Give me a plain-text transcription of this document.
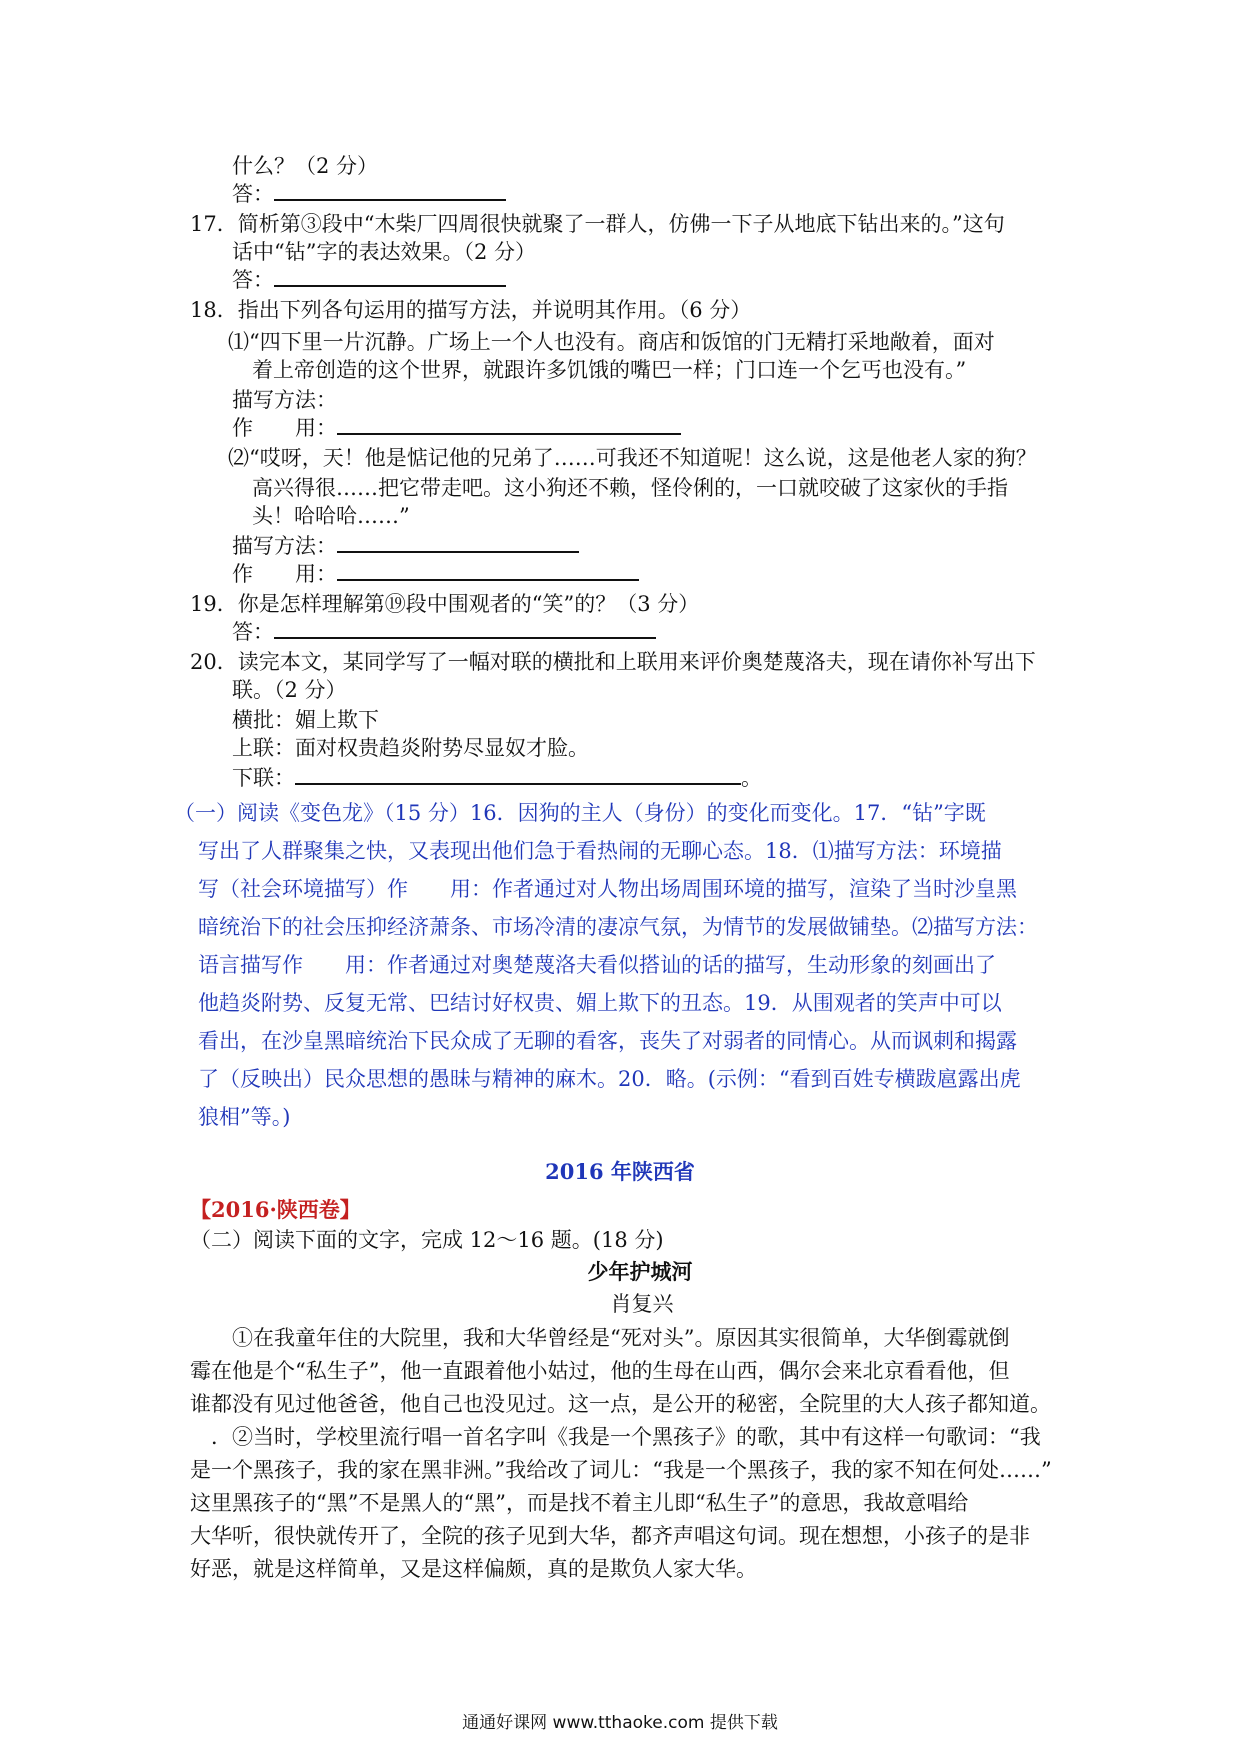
什么？（2 分）
答：
17．简析第③段中“木柴厂四周很快就聚了一群人，仿佛一下子从地底下钻出来的。”这句
话中“钻”字的表达效果。（2 分）
答：
18．指出下列各句运用的描写方法，并说明其作用。（6 分）
⑴“四下里一片沉静。广场上一个人也没有。商店和饭馆的门无精打采地敞着，面对
着上帝创造的这个世界，就跟许多饥饿的嘴巴一样；门口连一个乞丐也没有。”
描写方法：
作　　用：
⑵“哎呀，天！他是惦记他的兄弟了……可我还不知道呢！这么说，这是他老人家的狗？
高兴得很……把它带走吧。这小狗还不赖，怪伶俐的，一口就咬破了这家伙的手指
头！哈哈哈……”
描写方法：
作　　用：
19．你是怎样理解第⑲段中围观者的“笑”的？（3 分）
答：
20．读完本文，某同学写了一幅对联的横批和上联用来评价奥楚蔑洛夫，现在请你补写出下
联。（2 分）
横批：媚上欺下
上联：面对权贵趋炎附势尽显奴才脸。
下联：	。
（一）阅读《变色龙》（15 分）16．因狗的主人（身份）的变化而变化。17．“钻”字既
写出了人群聚集之快，又表现出他们急于看热闹的无聊心态。18．⑴描写方法：环境描
写（社会环境描写）作　　用：作者通过对人物出场周围环境的描写，渲染了当时沙皇黑
暗统治下的社会压抑经济萧条、市场冷清的凄凉气氛，为情节的发展做铺垫。⑵描写方法：
语言描写作　　用：作者通过对奥楚蔑洛夫看似搭讪的话的描写，生动形象的刻画出了
他趋炎附势、反复无常、巴结讨好权贵、媚上欺下的丑态。19．从围观者的笑声中可以
看出，在沙皇黑暗统治下民众成了无聊的看客，丧失了对弱者的同情心。从而讽刺和揭露
了（反映出）民众思想的愚昧与精神的麻木。20．略。(示例：“看到百姓专横跋扈露出虎
狼相”等。)
2016 年陕西省
【2016·陕西卷】
（二）阅读下面的文字，完成 12～16 题。(18 分)
少年护城河
肖复兴
　　①在我童年住的大院里，我和大华曾经是“死对头”。原因其实很简单，大华倒霉就倒
霉在他是个“私生子”，他一直跟着他小姑过，他的生母在山西，偶尔会来北京看看他，但
谁都没有见过他爸爸，他自己也没见过。这一点，是公开的秘密，全院里的大人孩子都知道。
　．②当时，学校里流行唱一首名字叫《我是一个黑孩子》的歌，其中有这样一句歌词：“我
是一个黑孩子，我的家在黑非洲。”我给改了词儿：“我是一个黑孩子，我的家不知在何处……”
这里黑孩子的“黑”不是黑人的“黑”，而是找不着主儿即“私生子”的意思，我故意唱给
大华听，很快就传开了，全院的孩子见到大华，都齐声唱这句词。现在想想，小孩子的是非
好恶，就是这样简单，又是这样偏颇，真的是欺负人家大华。
通通好课网 www.tthaoke.com 提供下载
